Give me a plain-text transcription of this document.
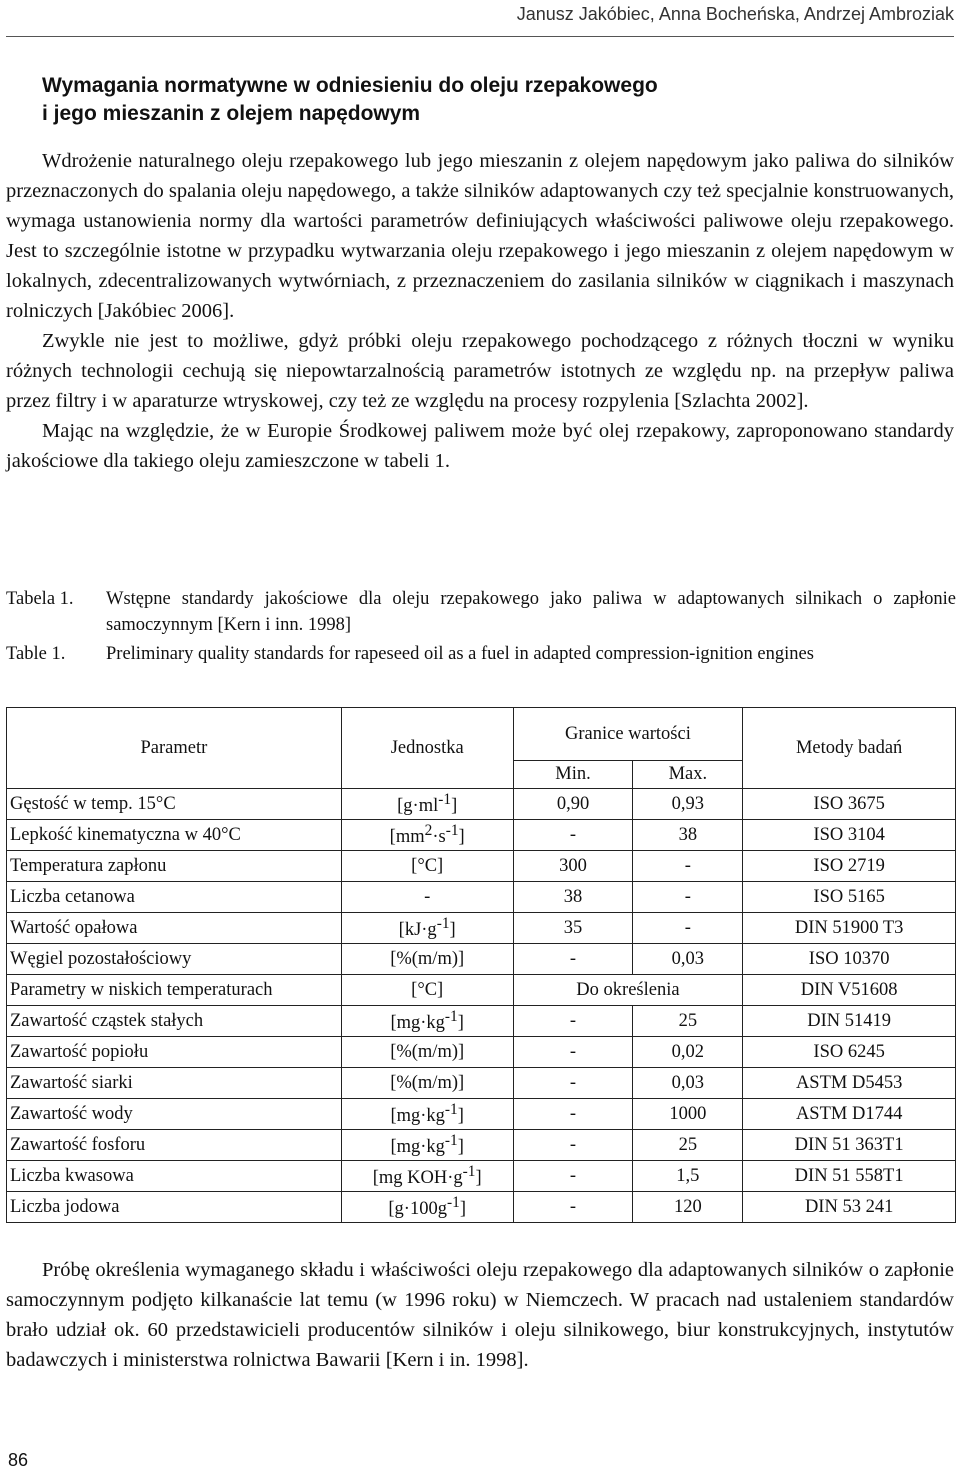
Janusz Jakóbiec, Anna Bocheńska, Andrzej Ambroziak
Wymagania normatywne w odniesieniu do oleju rzepakowego
i jego mieszanin z olejem napędowym

Wdrożenie naturalnego oleju rzepakowego lub jego mieszanin z olejem napędowym jako paliwa do silników przeznaczonych do spalania oleju napędowego, a także silników adaptowanych czy też specjalnie konstruowanych, wymaga ustanowienia normy dla wartości parametrów definiujących właściwości paliwowe oleju rzepakowego. Jest to szczególnie istotne w przypadku wytwarzania oleju rzepakowego i jego mieszanin z olejem napędowym w lokalnych, zdecentralizowanych wytwórniach, z przeznaczeniem do zasilania silników w ciągnikach i maszynach rolniczych [Jakóbiec 2006].

Zwykle nie jest to możliwe, gdyż próbki oleju rzepakowego pochodzącego z różnych tłoczni w wyniku różnych technologii cechują się niepowtarzalnością parametrów istotnych ze względu np. na przepływ paliwa przez filtry i w aparaturze wtryskowej, czy też ze względu na procesy rozpylenia [Szlachta 2002].

Mając na względzie, że w Europie Środkowej paliwem może być olej rzepakowy, zaproponowano standardy jakościowe dla takiego oleju zamieszczone w tabeli 1.

Tabela 1.	Wstępne standardy jakościowe dla oleju rzepakowego jako paliwa w adaptowanych silnikach o zapłonie samoczynnym [Kern i inn. 1998]
Table 1.	Preliminary quality standards for rapeseed oil as a fuel in adapted compression-ignition engines
Parametr	Jednostka	Granice wartości		Metody badań
		Min.	Max.	
Gęstość w temp. 15°C	$[g\cdot ml^{-1}]$	0,90	0,93	ISO 3675
Lepkość kinematyczna w 40°C	$[mm^2\cdot s^{-1}]$	-	38	ISO 3104
Temperatura zapłonu	[°C]	300	-	ISO 2719
Liczba cetanowa	-	38	-	ISO 5165
Wartość opałowa	$[kJ\cdot g^{-1}]$	35	-	DIN 51900 T3
Węgiel pozostałościowy	[%(m/m)]	-	0,03	ISO 10370
Parametry w niskich temperaturach	[°C]	Do określenia		DIN V51608
Zawartość cząstek stałych	$[mg\cdot kg^{-1}]$	-	25	DIN 51419
Zawartość popiołu	[%(m/m)]	-	0,02	ISO 6245
Zawartość siarki	[%(m/m)]	-	0,03	ASTM D5453
Zawartość wody	$[mg\cdot kg^{-1}]$	-	1000	ASTM D1744
Zawartość fosforu	$[mg\cdot kg^{-1}]$	-	25	DIN 51 363T1
Liczba kwasowa	[mg $KOH\cdot g^{-1}$]	-	1,5	DIN 51 558T1
Liczba jodowa	$[g\cdot 100g^{-1}]$	-	120	DIN 53 241

Próbę określenia wymaganego składu i właściwości oleju rzepakowego dla adaptowanych silników o zapłonie samoczynnym podjęto kilkanaście lat temu (w 1996 roku) w Niemczech. W pracach nad ustaleniem standardów brało udział ok. 60 przedstawicieli producentów silników i oleju silnikowego, biur konstrukcyjnych, instytutów badawczych i ministerstwa rolnictwa Bawarii [Kern i in. 1998].

86
